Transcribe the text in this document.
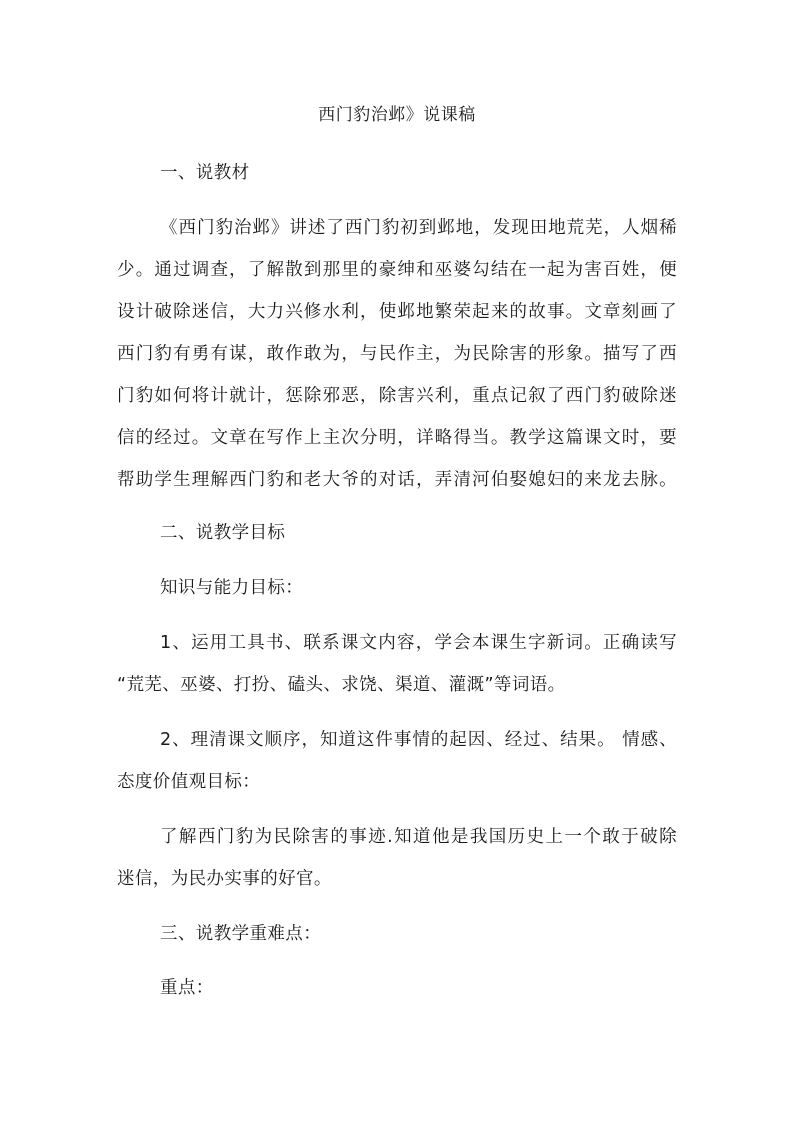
西门豹治邺》说课稿
一、说教材
《西门豹治邺》讲述了西门豹初到邺地，发现田地荒芜，人烟稀
少。通过调查，了解散到那里的豪绅和巫婆勾结在一起为害百姓，便
设计破除迷信，大力兴修水利，使邺地繁荣起来的故事。文章刻画了
西门豹有勇有谋，敢作敢为，与民作主，为民除害的形象。描写了西
门豹如何将计就计，惩除邪恶，除害兴利，重点记叙了西门豹破除迷
信的经过。文章在写作上主次分明，详略得当。教学这篇课文时，要
帮助学生理解西门豹和老大爷的对话，弄清河伯娶媳妇的来龙去脉。
二、说教学目标
知识与能力目标：
1、运用工具书、联系课文内容，学会本课生字新词。正确读写
“荒芜、巫婆、打扮、磕头、求饶、渠道、灌溉”等词语。
2、理清课文顺序，知道这件事情的起因、经过、结果。 情感、
态度价值观目标：
了解西门豹为民除害的事迹.知道他是我国历史上一个敢于破除
迷信，为民办实事的好官。
三、说教学重难点：
重点：
